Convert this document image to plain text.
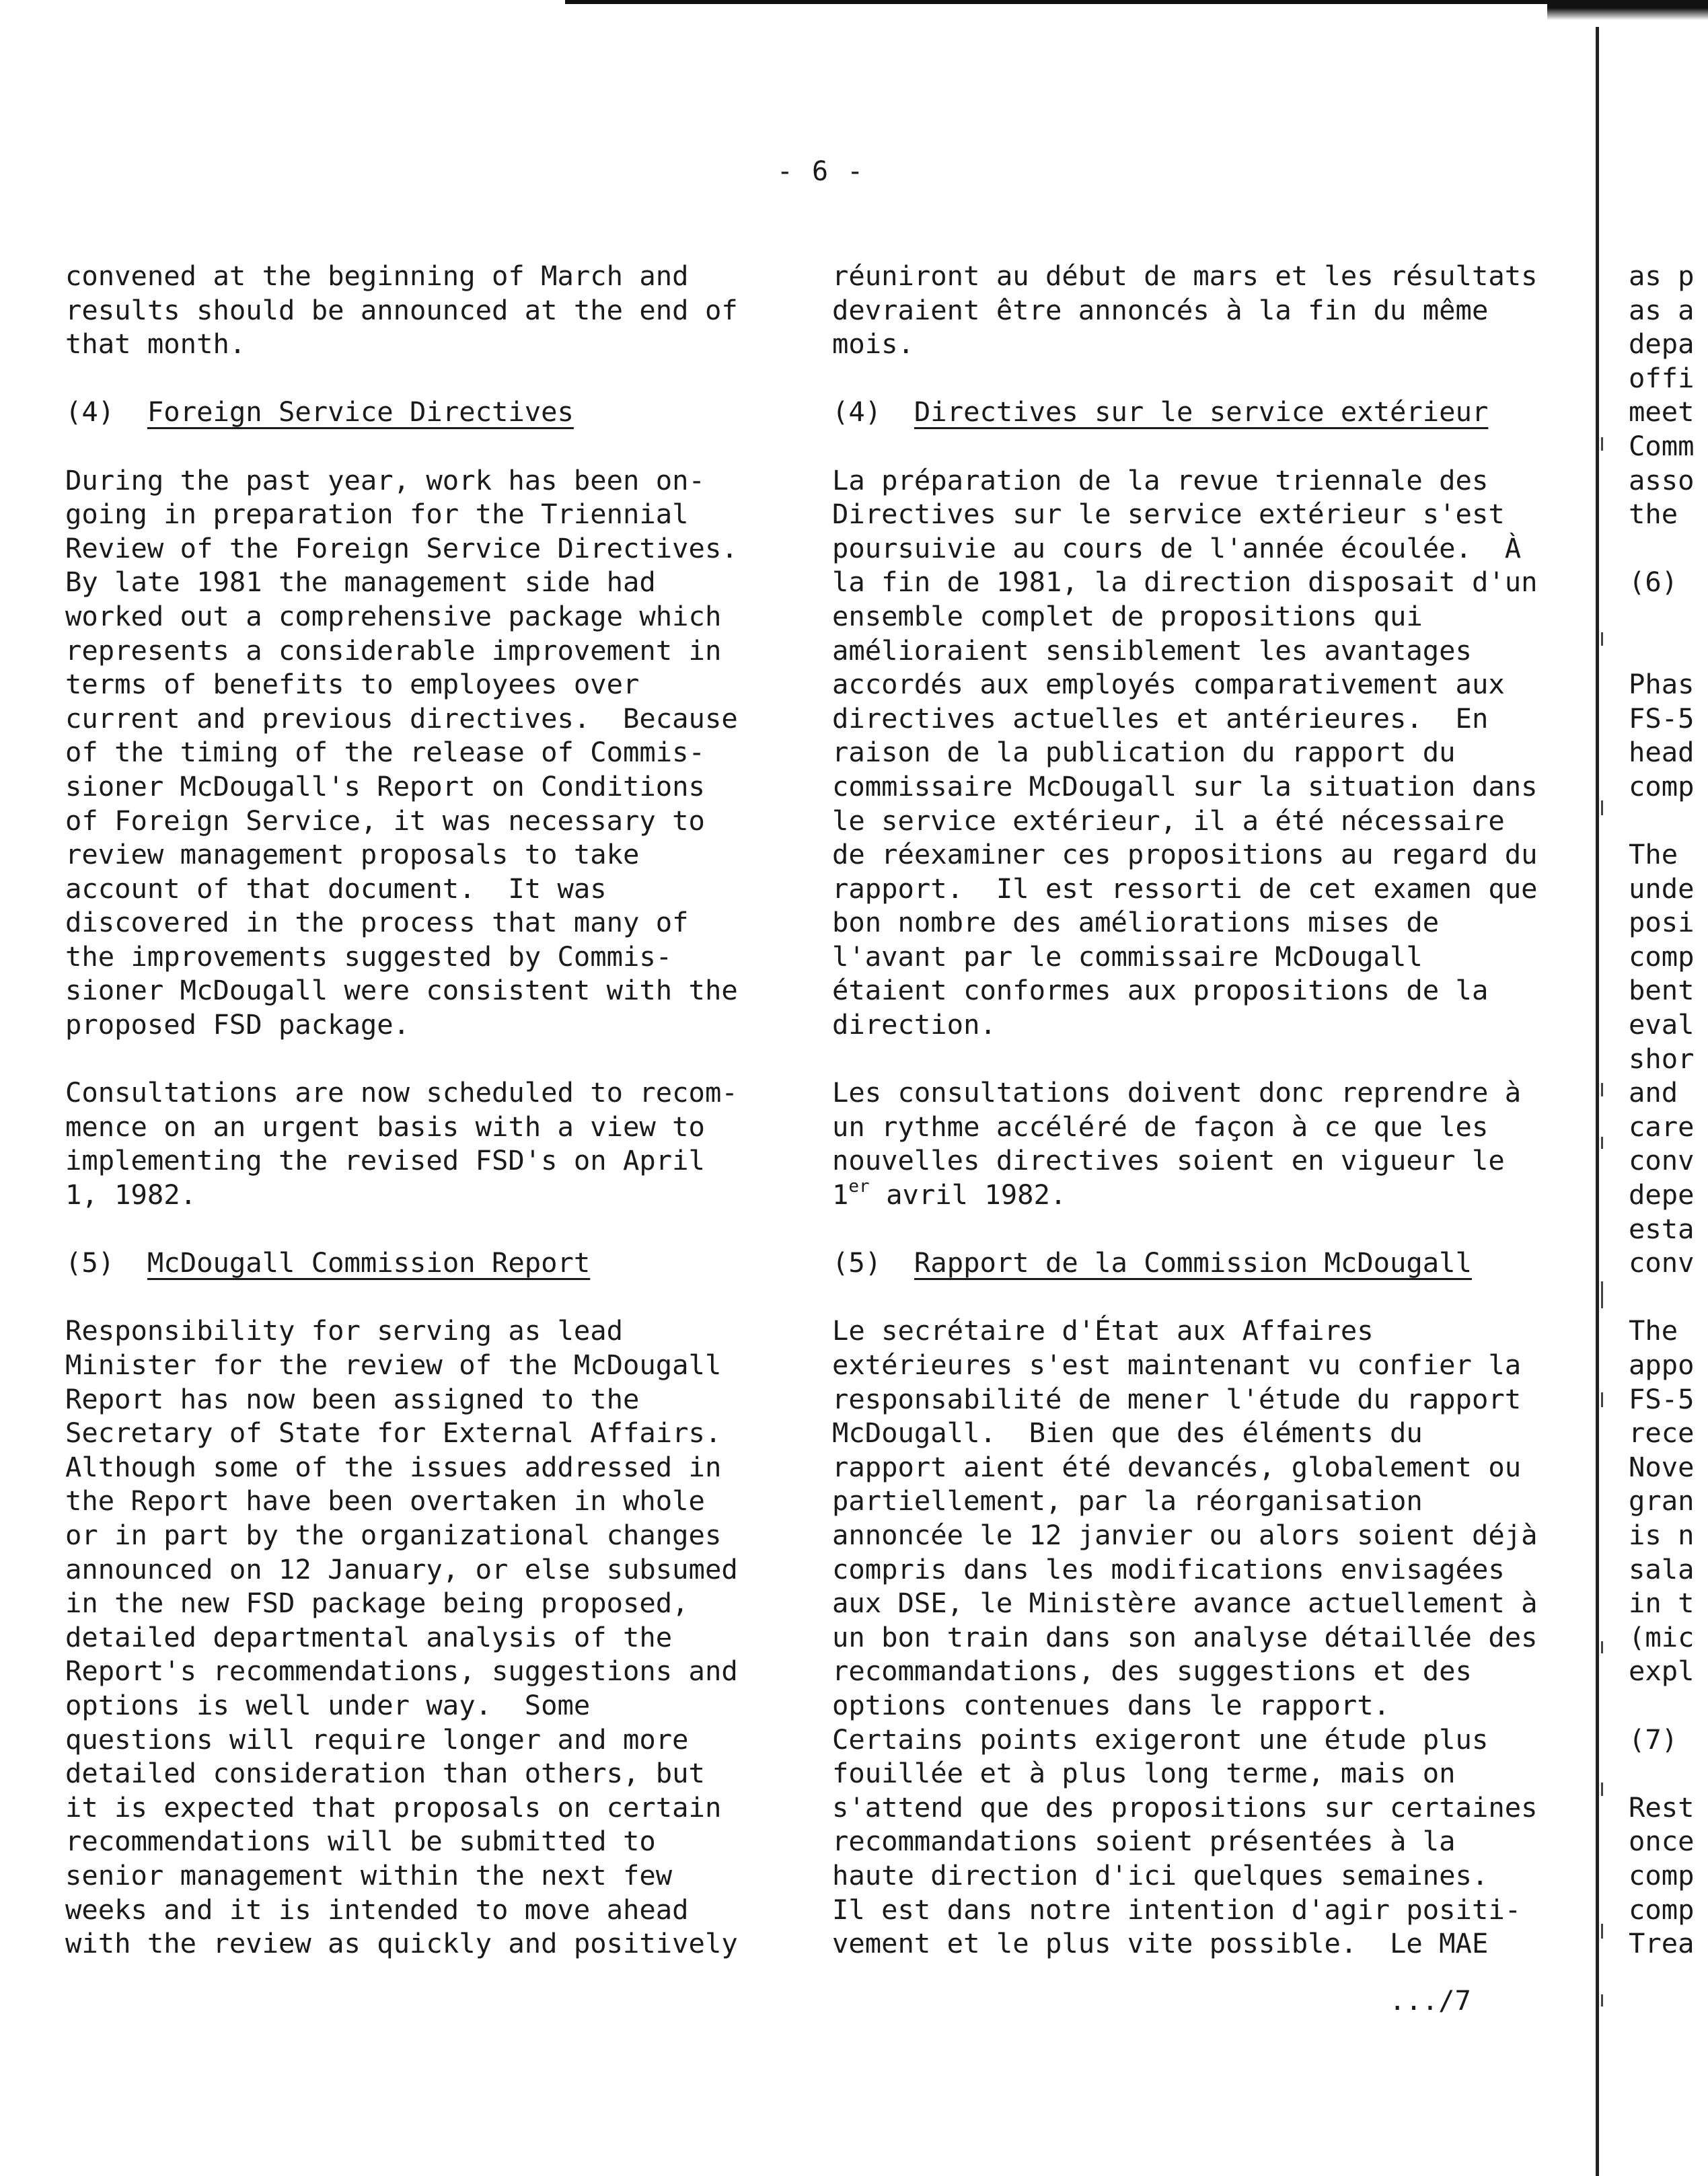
- 6 -
convened at the beginning of March and
results should be announced at the end of
that month.
(4)  Foreign Service Directives
During the past year, work has been on-
going in preparation for the Triennial
Review of the Foreign Service Directives.
By late 1981 the management side had
worked out a comprehensive package which
represents a considerable improvement in
terms of benefits to employees over
current and previous directives.  Because
of the timing of the release of Commis-
sioner McDougall's Report on Conditions
of Foreign Service, it was necessary to
review management proposals to take
account of that document.  It was
discovered in the process that many of
the improvements suggested by Commis-
sioner McDougall were consistent with the
proposed FSD package.
Consultations are now scheduled to recom-
mence on an urgent basis with a view to
implementing the revised FSD's on April
1, 1982.
(5)  McDougall Commission Report
Responsibility for serving as lead
Minister for the review of the McDougall
Report has now been assigned to the
Secretary of State for External Affairs.
Although some of the issues addressed in
the Report have been overtaken in whole
or in part by the organizational changes
announced on 12 January, or else subsumed
in the new FSD package being proposed,
detailed departmental analysis of the
Report's recommendations, suggestions and
options is well under way.  Some
questions will require longer and more
detailed consideration than others, but
it is expected that proposals on certain
recommendations will be submitted to
senior management within the next few
weeks and it is intended to move ahead
with the review as quickly and positively
réuniront au début de mars et les résultats
devraient être annoncés à la fin du même
mois.
(4)  Directives sur le service extérieur
La préparation de la revue triennale des
Directives sur le service extérieur s'est
poursuivie au cours de l'année écoulée.  À
la fin de 1981, la direction disposait d'un
ensemble complet de propositions qui
amélioraient sensiblement les avantages
accordés aux employés comparativement aux
directives actuelles et antérieures.  En
raison de la publication du rapport du
commissaire McDougall sur la situation dans
le service extérieur, il a été nécessaire
de réexaminer ces propositions au regard du
rapport.  Il est ressorti de cet examen que
bon nombre des améliorations mises de
l'avant par le commissaire McDougall
étaient conformes aux propositions de la
direction.
Les consultations doivent donc reprendre à
un rythme accéléré de façon à ce que les
nouvelles directives soient en vigueur le
1er avril 1982.
(5)  Rapport de la Commission McDougall
Le secrétaire d'État aux Affaires
extérieures s'est maintenant vu confier la
responsabilité de mener l'étude du rapport
McDougall.  Bien que des éléments du
rapport aient été devancés, globalement ou
partiellement, par la réorganisation
annoncée le 12 janvier ou alors soient déjà
compris dans les modifications envisagées
aux DSE, le Ministère avance actuellement à
un bon train dans son analyse détaillée des
recommandations, des suggestions et des
options contenues dans le rapport.
Certains points exigeront une étude plus
fouillée et à plus long terme, mais on
s'attend que des propositions sur certaines
recommandations soient présentées à la
haute direction d'ici quelques semaines.
Il est dans notre intention d'agir positi-
vement et le plus vite possible.  Le MAE
as p
as a
depa
offi
meet
Comm
asso
the
(6)

Phas
FS-5
head
comp
The
unde
posi
comp
bent
eval
shor
and
care
conv
depe
esta
conv
The
appo
FS-5
rece
Nove
gran
is n
sala
in t
(mic
expl
(7)
Rest
once
comp
comp
Trea
.../7
